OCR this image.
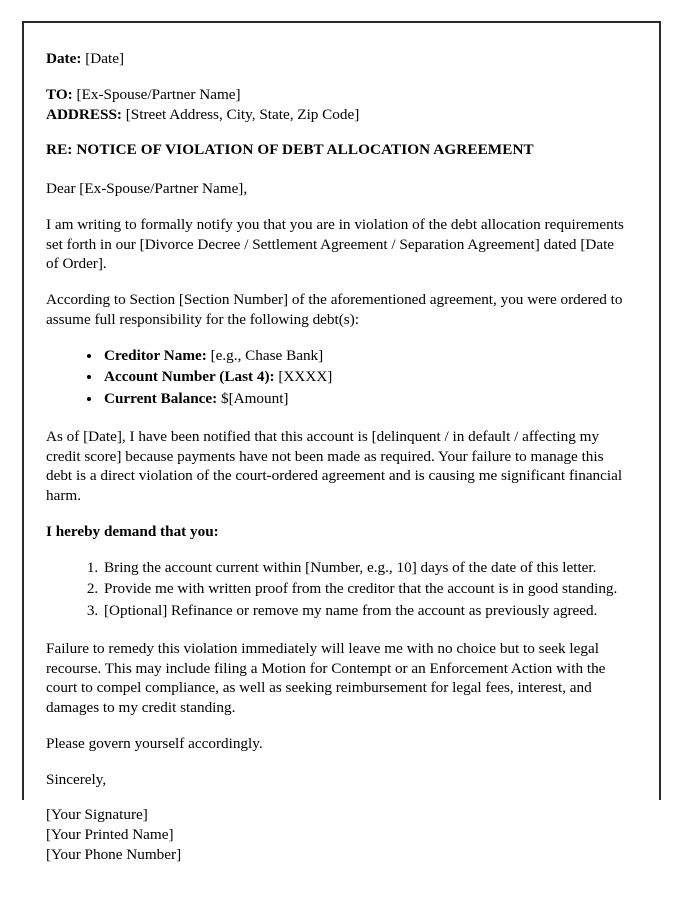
Date: [Date]

TO: [Ex-Spouse/Partner Name]

ADDRESS: [Street Address, City, State, Zip Code]

RE: NOTICE OF VIOLATION OF DEBT ALLOCATION AGREEMENT

Dear [Ex-Spouse/Partner Name],

I am writing to formally notify you that you are in violation of the debt allocation requirements set forth in our [Divorce Decree / Settlement Agreement / Separation Agreement] dated [Date of Order].

According to Section [Section Number] of the aforementioned agreement, you were ordered to assume full responsibility for the following debt(s):

• Creditor Name: [e.g., Chase Bank]
• Account Number (Last 4): [XXXX]
• Current Balance: $[Amount]

As of [Date], I have been notified that this account is [delinquent / in default / affecting my credit score] because payments have not been made as required. Your failure to manage this debt is a direct violation of the court-ordered agreement and is causing me significant financial harm.

I hereby demand that you:

1. Bring the account current within [Number, e.g., 10] days of the date of this letter.
2. Provide me with written proof from the creditor that the account is in good standing.
3. [Optional] Refinance or remove my name from the account as previously agreed.

Failure to remedy this violation immediately will leave me with no choice but to seek legal recourse. This may include filing a Motion for Contempt or an Enforcement Action with the court to compel compliance, as well as seeking reimbursement for legal fees, interest, and damages to my credit standing.

Please govern yourself accordingly.

Sincerely,

[Your Signature]

[Your Printed Name]

[Your Phone Number]
